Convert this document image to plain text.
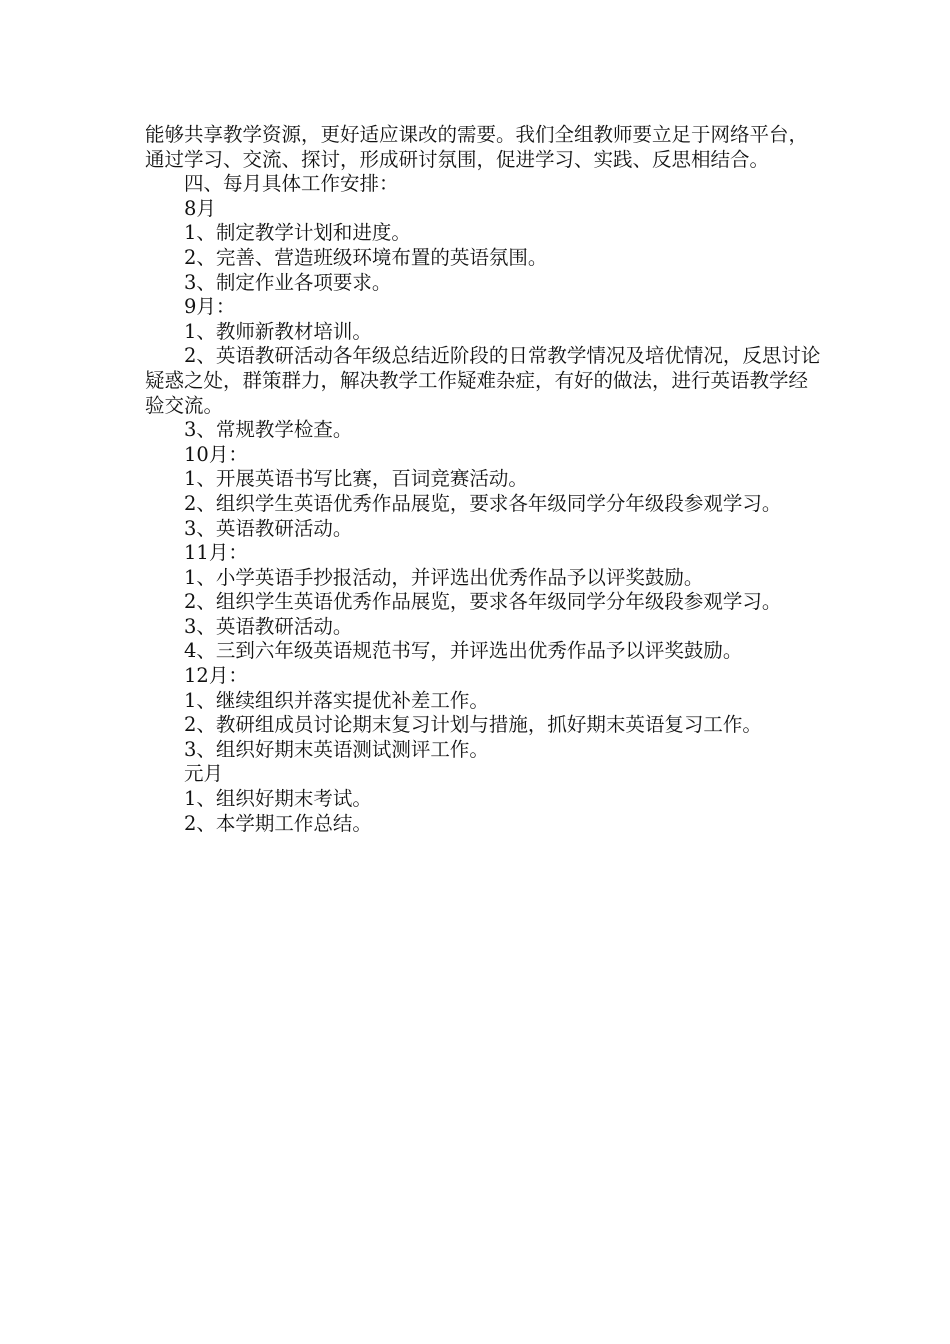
能够共享教学资源，更好适应课改的需要。我们全组教师要立足于网络平台，通过学习、交流、探讨，形成研讨氛围，促进学习、实践、反思相结合。

四、每月具体工作安排：

8月

1、制定教学计划和进度。

2、完善、营造班级环境布置的英语氛围。

3、制定作业各项要求。

9月：

1、教师新教材培训。

2、英语教研活动各年级总结近阶段的日常教学情况及培优情况，反思讨论疑惑之处，群策群力，解决教学工作疑难杂症，有好的做法，进行英语教学经验交流。

3、常规教学检查。

10月：

1、开展英语书写比赛，百词竞赛活动。

2、组织学生英语优秀作品展览，要求各年级同学分年级段参观学习。

3、英语教研活动。

11月：

1、小学英语手抄报活动，并评选出优秀作品予以评奖鼓励。

2、组织学生英语优秀作品展览，要求各年级同学分年级段参观学习。

3、英语教研活动。

4、三到六年级英语规范书写，并评选出优秀作品予以评奖鼓励。

12月：

1、继续组织并落实提优补差工作。

2、教研组成员讨论期末复习计划与措施，抓好期末英语复习工作。

3、组织好期末英语测试测评工作。

元月

1、组织好期末考试。

2、本学期工作总结。
